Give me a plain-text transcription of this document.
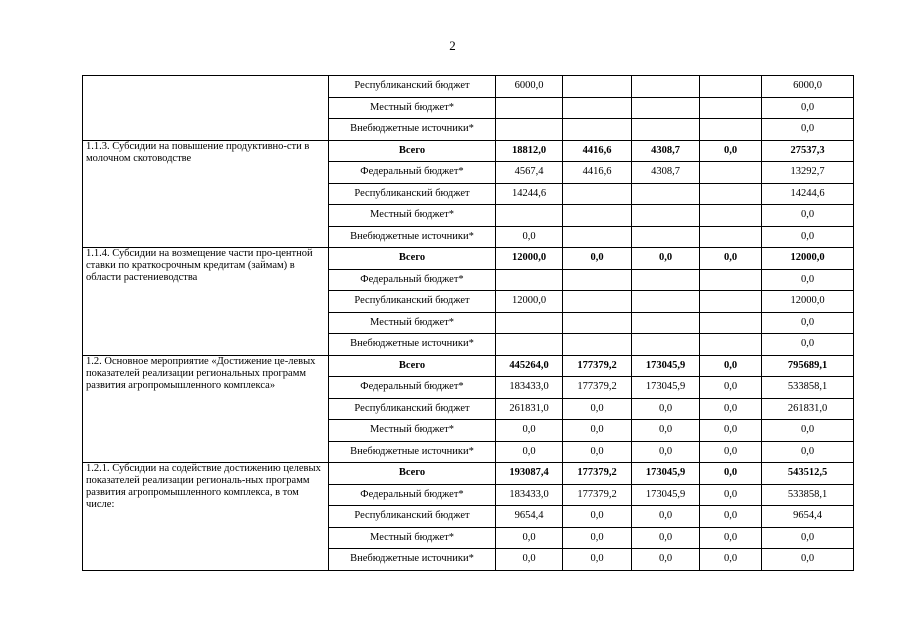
2
	Республиканский бюджет	6000,0				6000,0
	Местный бюджет*					0,0
	Внебюджетные источники*					0,0
1.1.3. Субсидии на повышение продуктивно-сти в молочном скотоводстве	Всего	18812,0	4416,6	4308,7	0,0	27537,3
	Федеральный бюджет*	4567,4	4416,6	4308,7		13292,7
	Республиканский бюджет	14244,6				14244,6
	Местный бюджет*					0,0
	Внебюджетные источники*	0,0				0,0
1.1.4. Субсидии на возмещение части про-центной ставки по краткосрочным кредитам (займам) в области растениеводства	Всего	12000,0	0,0	0,0	0,0	12000,0
	Федеральный бюджет*					0,0
	Республиканский бюджет	12000,0				12000,0
	Местный бюджет*					0,0
	Внебюджетные источники*					0,0
1.2. Основное мероприятие «Достижение це-левых показателей реализации региональных программ развития агропромышленного комплекса»	Всего	445264,0	177379,2	173045,9	0,0	795689,1
	Федеральный бюджет*	183433,0	177379,2	173045,9	0,0	533858,1
	Республиканский бюджет	261831,0	0,0	0,0	0,0	261831,0
	Местный бюджет*	0,0	0,0	0,0	0,0	0,0
	Внебюджетные источники*	0,0	0,0	0,0	0,0	0,0
1.2.1. Субсидии на содействие достижению целевых показателей реализации региональ-ных программ развития агропромышленного комплекса, в том числе:	Всего	193087,4	177379,2	173045,9	0,0	543512,5
	Федеральный бюджет*	183433,0	177379,2	173045,9	0,0	533858,1
	Республиканский бюджет	9654,4	0,0	0,0	0,0	9654,4
	Местный бюджет*	0,0	0,0	0,0	0,0	0,0
	Внебюджетные источники*	0,0	0,0	0,0	0,0	0,0
